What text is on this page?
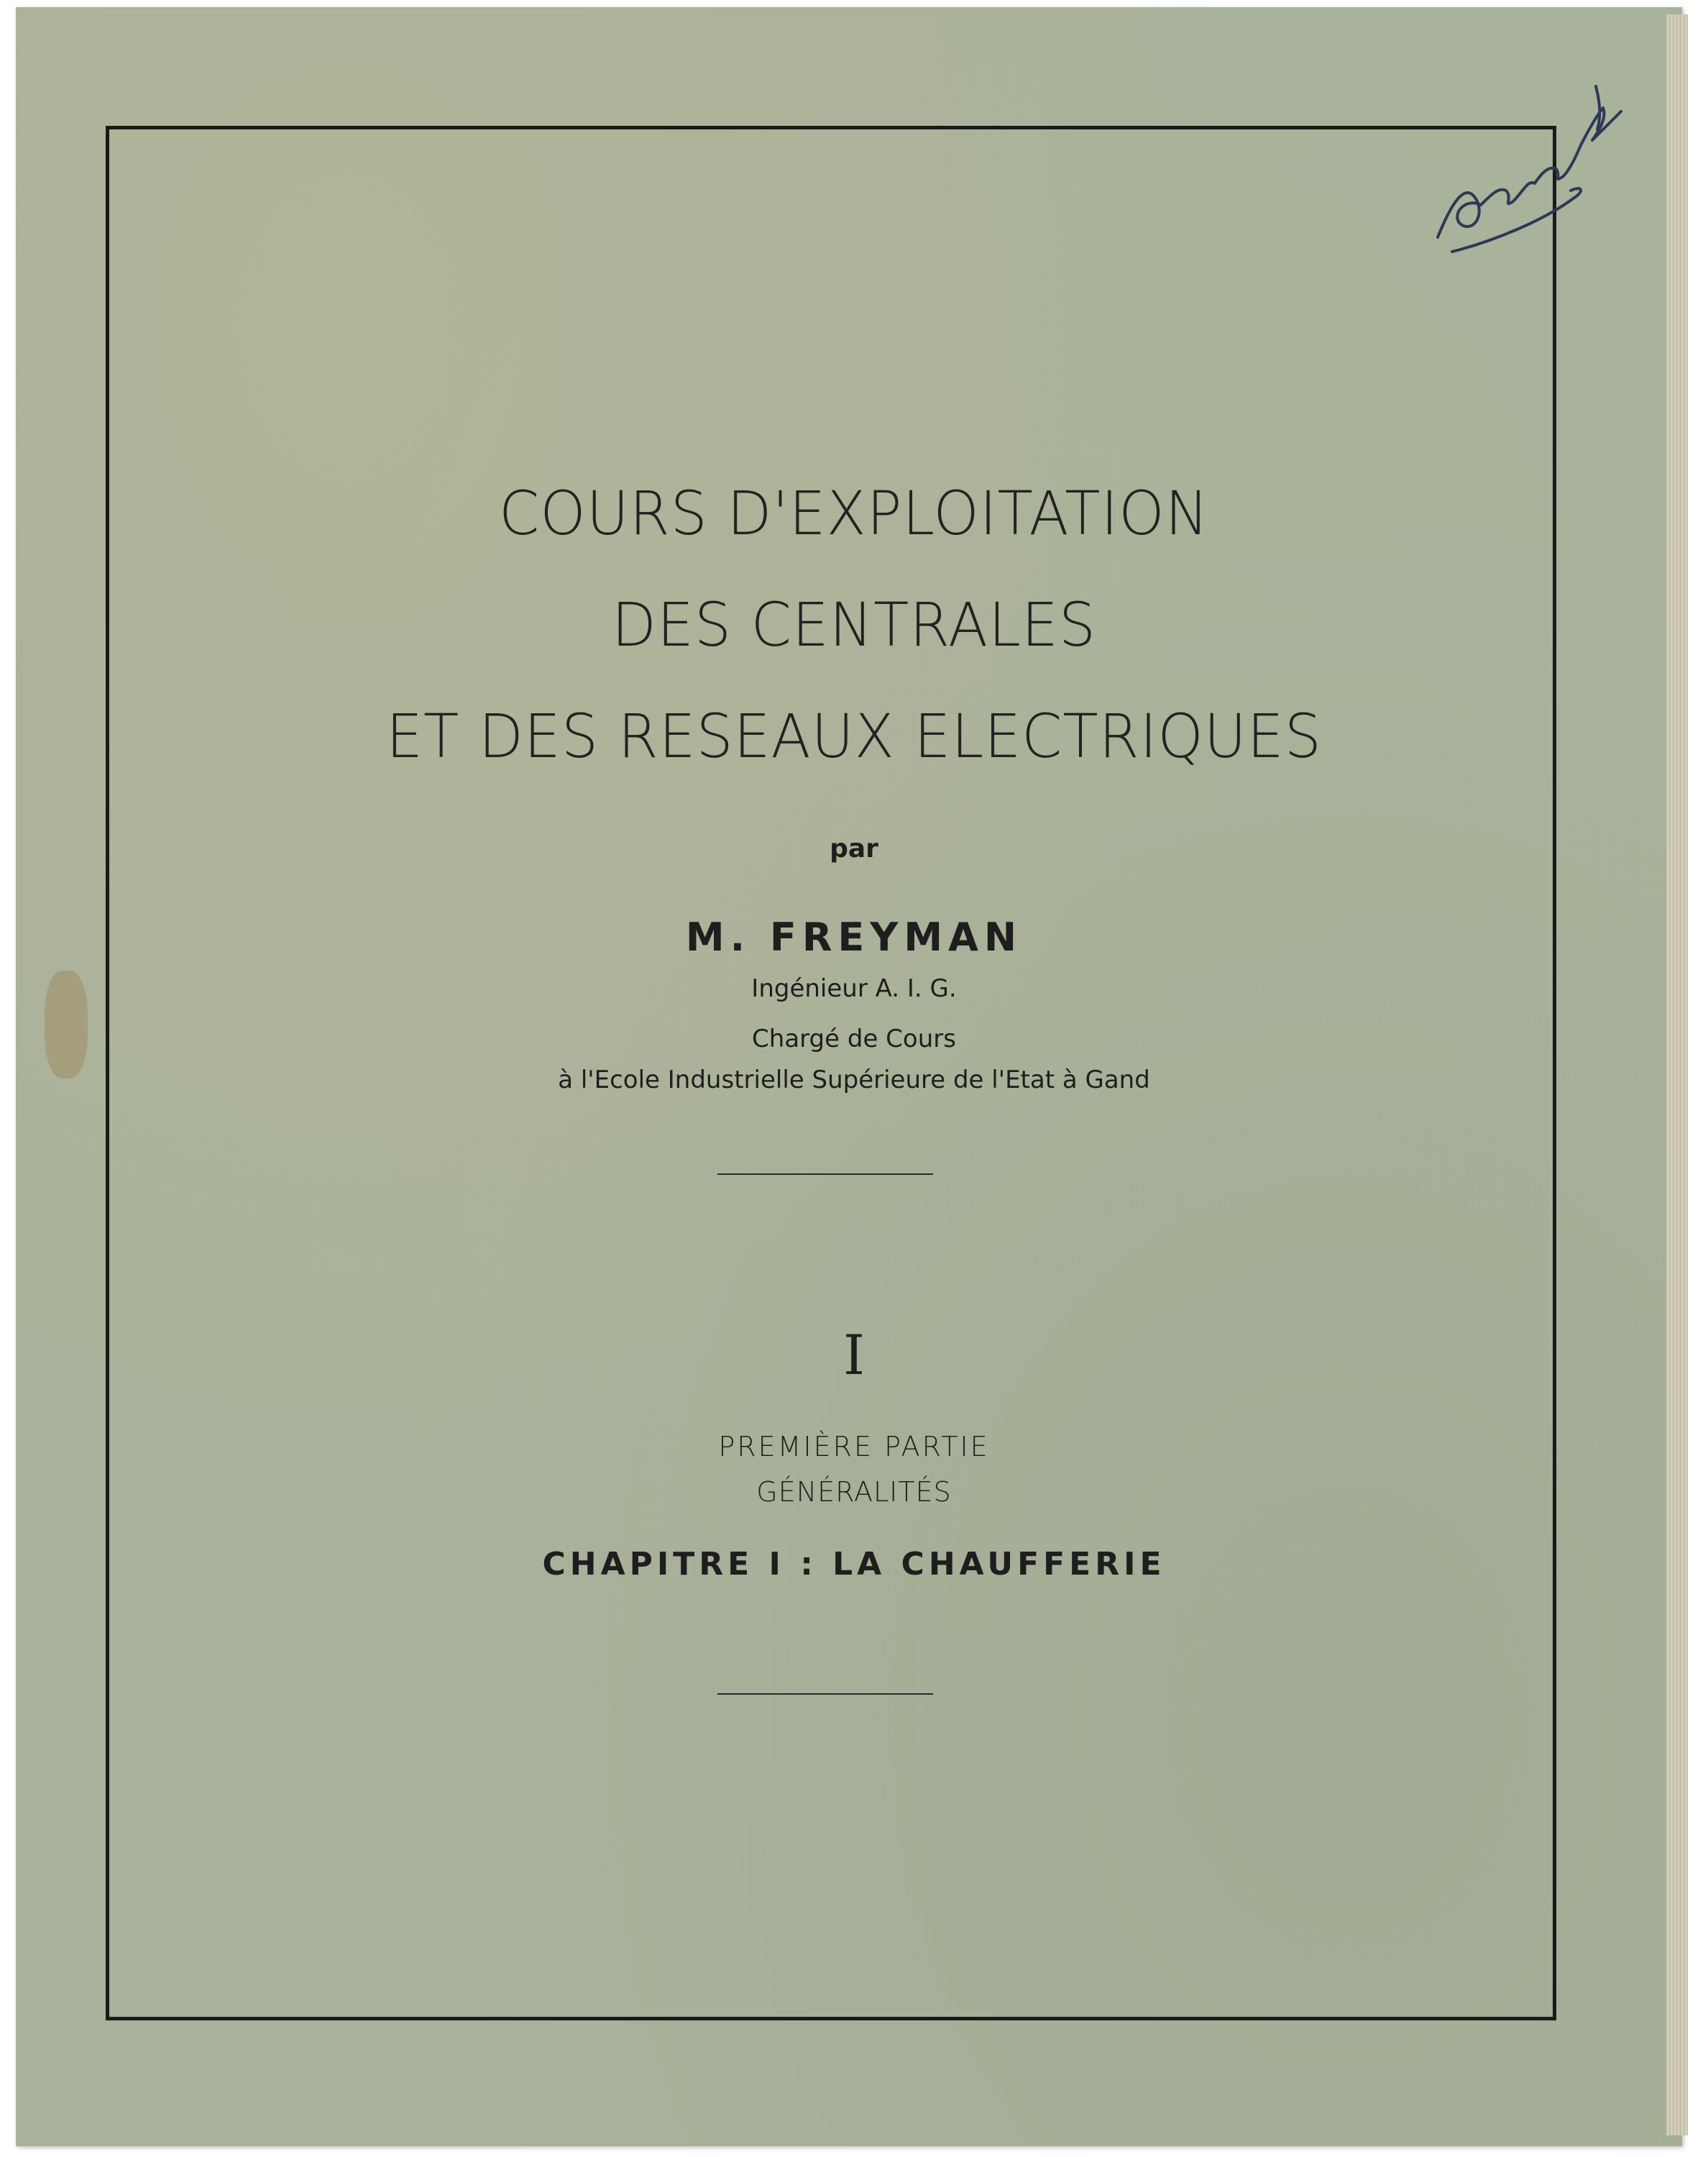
Abramyan
COURS D'EXPLOITATION
DES CENTRALES
ET DES RESEAUX ELECTRIQUES
par
M. FREYMAN
Ingénieur A. I. G.
Chargé de Cours
à l'Ecole Industrielle Supérieure de l'Etat à Gand
I
PREMIÈRE PARTIE
GÉNÉRALITÉS
CHAPITRE I : LA CHAUFFERIE
